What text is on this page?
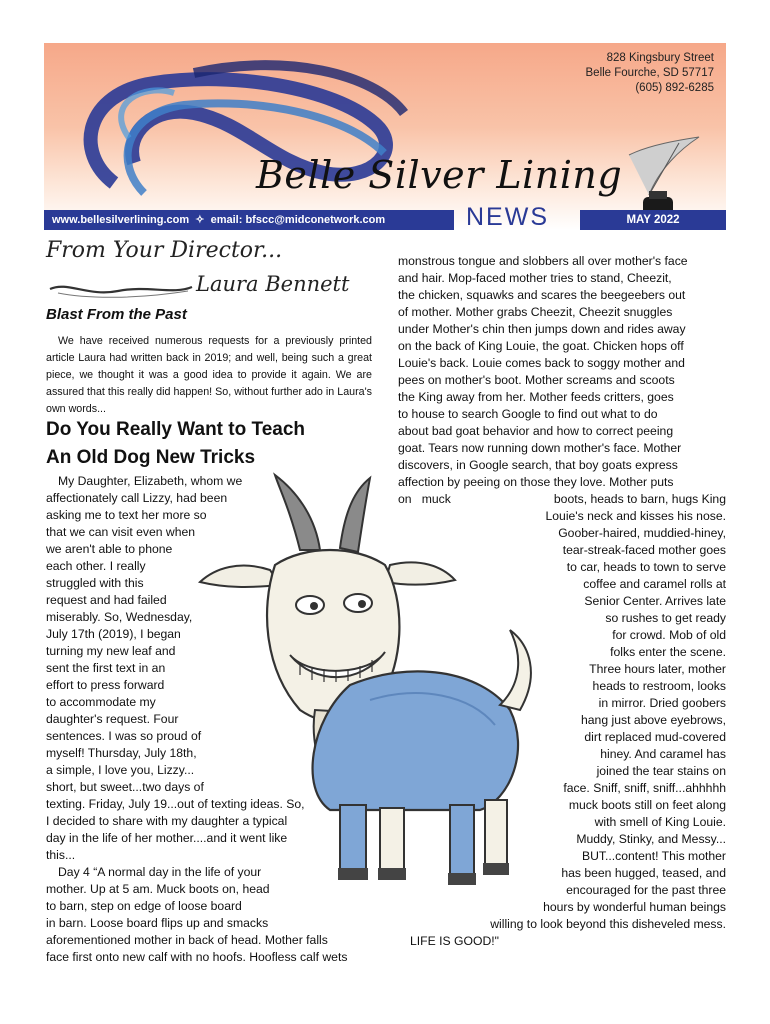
828 Kingsbury Street
Belle Fourche, SD 57717
(605) 892-6285
Belle Silver Lining
www.bellesilverlining.com  ✧  email: bfscc@midconetwork.com	NEWS	MAY 2022
From Your Director...
Laura Bennett
Blast From the Past
We have received numerous requests for a previously printed article Laura had written back in 2019; and well, being such a great piece, we thought it was a good idea to provide it again. We are assured that this really did happen! So, without further ado in Laura's own words...
Do You Really Want to Teach
An Old Dog New Tricks
My Daughter, Elizabeth, whom we
affectionately call Lizzy, had been
asking me to text her more so
that we can visit even when
we aren't able to phone
each other. I really
struggled with this
request and had failed
miserably. So, Wednesday,
July 17th (2019), I began
turning my new leaf and
sent the first text in an
effort to press forward
to accommodate my
daughter's request. Four
sentences. I was so proud of
myself! Thursday, July 18th,
a simple, I love you, Lizzy...
short, but sweet...two days of
texting. Friday, July 19...out of texting ideas. So,
I decided to share with my daughter a typical
day in the life of her mother....and it went like
this...
Day 4 “A normal day in the life of your
mother. Up at 5 am. Muck boots on, head
to barn, step on edge of loose board
in barn. Loose board flips up and smacks
aforementioned mother in back of head. Mother falls
face first onto new calf with no hoofs. Hoofless calf wets
monstrous tongue and slobbers all over mother's face
and hair. Mop-faced mother tries to stand, Cheezit,
the chicken, squawks and scares the beegeebers out
of mother. Mother grabs Cheezit, Cheezit snuggles
under Mother's chin then jumps down and rides away
on the back of King Louie, the goat. Chicken hops off
Louie's back. Louie comes back to soggy mother and
pees on mother's boot. Mother screams and scoots
the King away from her. Mother feeds critters, goes
to house to search Google to find out what to do
about bad goat behavior and how to correct peeing
goat. Tears now running down mother's face. Mother
discovers, in Google search, that boy goats express
affection by peeing on those they love. Mother puts
on   muck	boots, heads to barn, hugs King
Louie's neck and kisses his nose.
Goober-haired, muddied-hiney,
tear-streak-faced mother goes
to car, heads to town to serve
coffee and caramel rolls at
Senior Center. Arrives late
so rushes to get ready
for crowd. Mob of old
folks enter the scene.
Three hours later, mother
heads to restroom, looks
in mirror. Dried goobers
hang just above eyebrows,
dirt replaced mud-covered
hiney. And caramel has
joined the tear stains on
face. Sniff, sniff, sniff...ahhhhh
muck boots still on feet along
with smell of King Louie.
Muddy, Stinky, and Messy...
BUT...content! This mother
has been hugged, teased, and
encouraged for the past three
hours by wonderful human beings
willing to look beyond this disheveled mess.
LIFE IS GOOD!"
